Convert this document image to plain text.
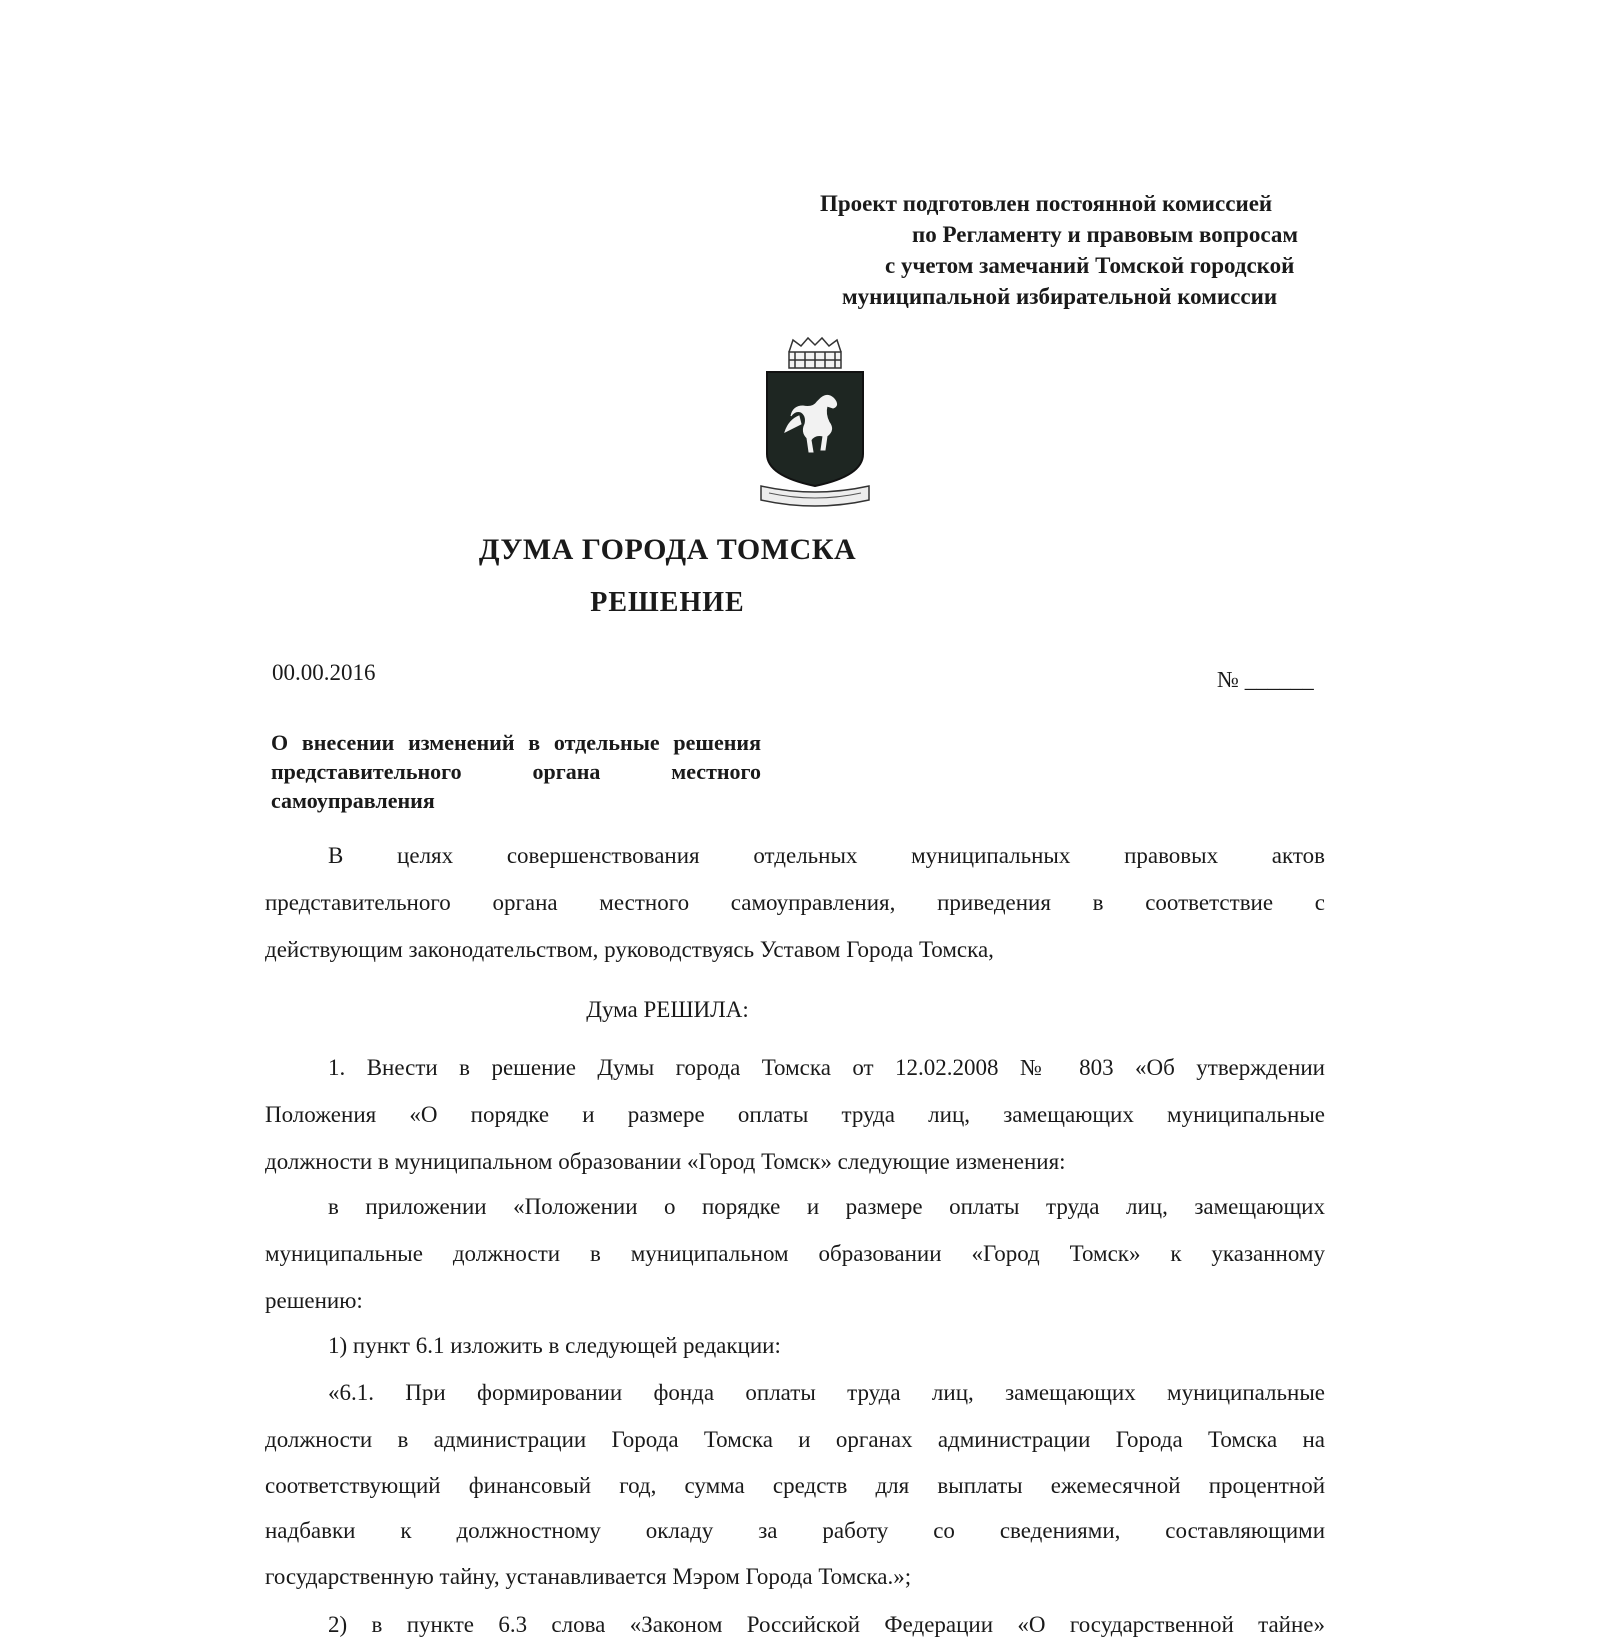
Проект подготовлен постоянной комиссией
по Регламенту и правовым вопросам
с учетом замечаний Томской городской
муниципальной избирательной комиссии
ДУМА ГОРОДА ТОМСКА
РЕШЕНИЕ
00.00.2016	№ ______
О внесении изменений в отдельные решения представительного органа местного самоуправления
В целях совершенствования отдельных муниципальных правовых актов
представительного органа местного самоуправления, приведения в соответствие с
действующим законодательством, руководствуясь Уставом Города Томска,
Дума РЕШИЛА:
1. Внести в решение Думы города Томска от 12.02.2008 № 803 «Об утверждении
Положения «О порядке и размере оплаты труда лиц, замещающих муниципальные
должности в муниципальном образовании «Город Томск» следующие изменения:
в приложении «Положении о порядке и размере оплаты труда лиц, замещающих
муниципальные должности в муниципальном образовании «Город Томск» к указанному
решению:
1) пункт 6.1 изложить в следующей редакции:
«6.1. При формировании фонда оплаты труда лиц, замещающих муниципальные
должности в администрации Города Томска и органах администрации Города Томска на
соответствующий финансовый год, сумма средств для выплаты ежемесячной процентной
надбавки к должностному окладу за работу со сведениями, составляющими
государственную тайну, устанавливается Мэром Города Томска.»;
2) в пункте 6.3 слова «Законом Российской Федерации «О государственной тайне»
